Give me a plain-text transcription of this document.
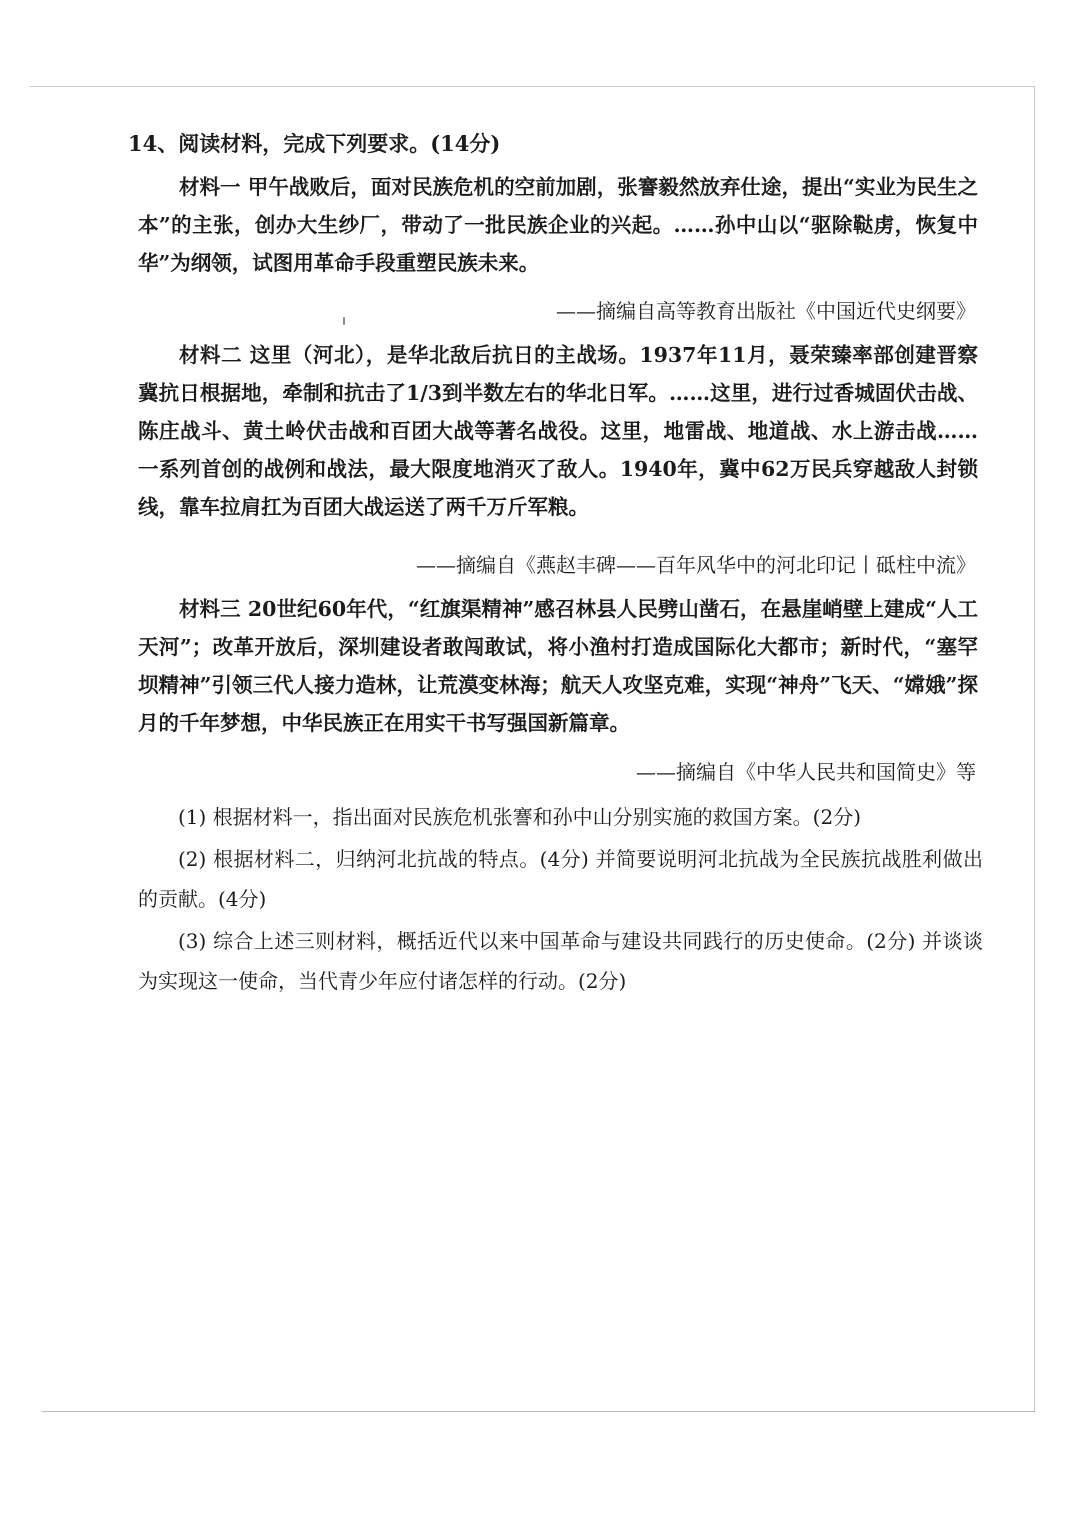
14、阅读材料，完成下列要求。(14分)

材料一 甲午战败后，面对民族危机的空前加剧，张謇毅然放弃仕途，提出“实业为民生之本”的主张，创办大生纱厂，带动了一批民族企业的兴起。……孙中山以“驱除鞑虏，恢复中华”为纲领，试图用革命手段重塑民族未来。

——摘编自高等教育出版社《中国近代史纲要》

材料二 这里（河北），是华北敌后抗日的主战场。1937年11月，聂荣臻率部创建晋察冀抗日根据地，牵制和抗击了1/3到半数左右的华北日军。……这里，进行过香城固伏击战、陈庄战斗、黄土岭伏击战和百团大战等著名战役。这里，地雷战、地道战、水上游击战……一系列首创的战例和战法，最大限度地消灭了敌人。1940年，冀中62万民兵穿越敌人封锁线，靠车拉肩扛为百团大战运送了两千万斤军粮。

——摘编自《燕赵丰碑——百年风华中的河北印记丨砥柱中流》

材料三 20世纪60年代，“红旗渠精神”感召林县人民劈山凿石，在悬崖峭壁上建成“人工天河”；改革开放后，深圳建设者敢闯敢试，将小渔村打造成国际化大都市；新时代，“塞罕坝精神”引领三代人接力造林，让荒漠变林海；航天人攻坚克难，实现“神舟”飞天、“嫦娥”探月的千年梦想，中华民族正在用实干书写强国新篇章。

——摘编自《中华人民共和国简史》等

(1) 根据材料一，指出面对民族危机张謇和孙中山分别实施的救国方案。(2分)

(2) 根据材料二，归纳河北抗战的特点。(4分) 并简要说明河北抗战为全民族抗战胜利做出的贡献。(4分)

(3) 综合上述三则材料，概括近代以来中国革命与建设共同践行的历史使命。(2分) 并谈谈为实现这一使命，当代青少年应付诸怎样的行动。(2分)
